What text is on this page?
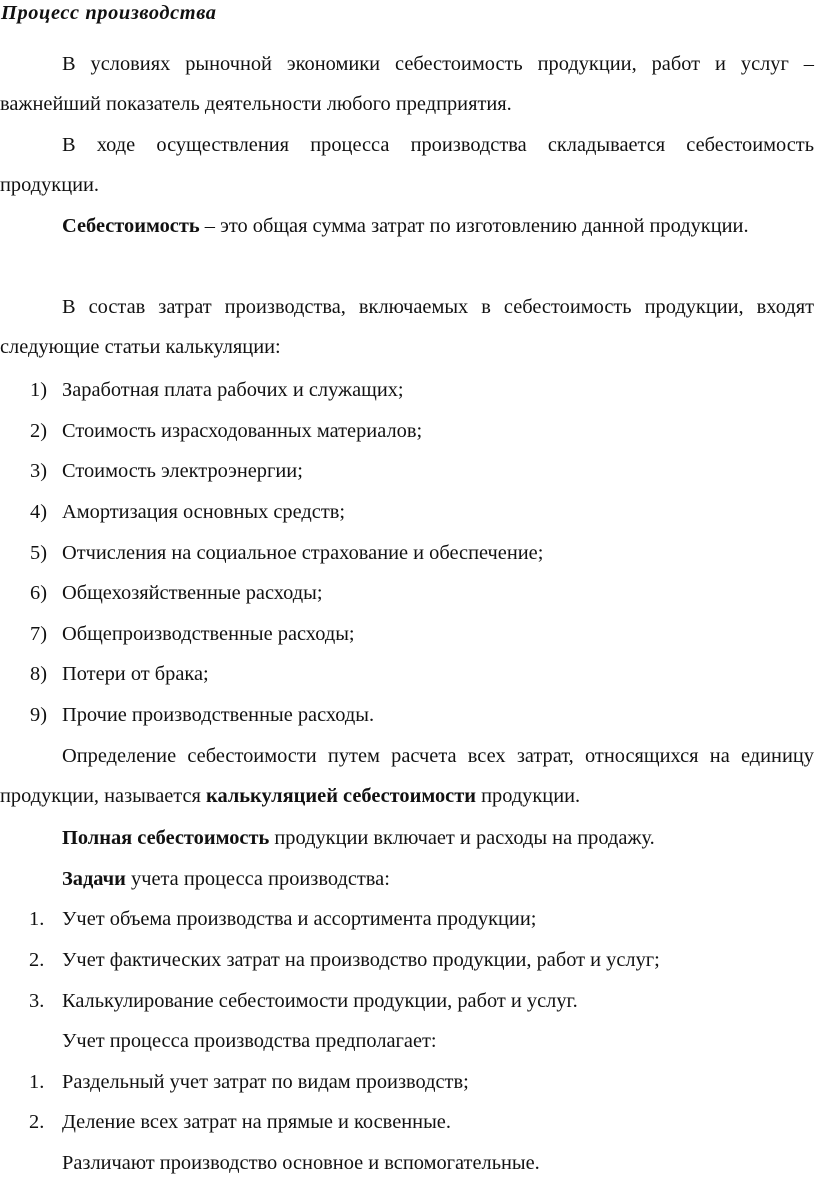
Процесс производства

В условиях рыночной экономики себестоимость продукции, работ и услуг – важнейший показатель деятельности любого предприятия.

В ходе осуществления процесса производства складывается себестоимость продукции.

Себестоимость – это общая сумма затрат по изготовлению данной продукции.

В состав затрат производства, включаемых в себестоимость продукции, входят следующие статьи калькуляции:

1) Заработная плата рабочих и служащих;
2) Стоимость израсходованных материалов;
3) Стоимость электроэнергии;
4) Амортизация основных средств;
5) Отчисления на социальное страхование и обеспечение;
6) Общехозяйственные расходы;
7) Общепроизводственные расходы;
8) Потери от брака;
9) Прочие производственные расходы.

Определение себестоимости путем расчета всех затрат, относящихся на единицу продукции, называется калькуляцией себестоимости продукции.

Полная себестоимость продукции включает и расходы на продажу.

Задачи учета процесса производства:

1. Учет объема производства и ассортимента продукции;
2. Учет фактических затрат на производство продукции, работ и услуг;
3. Калькулирование себестоимости продукции, работ и услуг.

Учет процесса производства предполагает:

1. Раздельный учет затрат по видам производств;
2. Деление всех затрат на прямые и косвенные.

Различают производство основное и вспомогательные.
